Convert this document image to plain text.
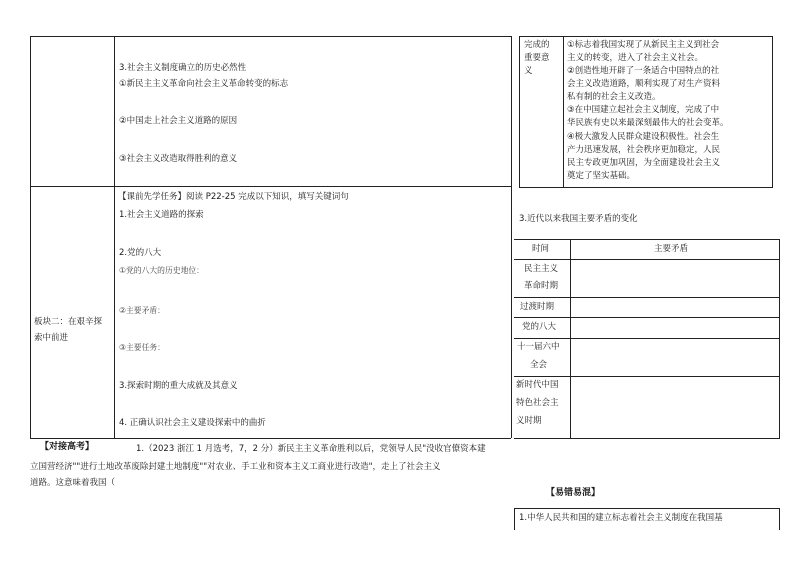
3.社会主义制度确立的历史必然性
①新民主主义革命向社会主义革命转变的标志
②中国走上社会主义道路的原因
③社会主义改造取得胜利的意义
板块二：在艰辛探
索中前进
【课前先学任务】阅读 P22-25 完成以下知识，填写关键词句
1.社会主义道路的探索
2.党的八大
①党的八大的历史地位：
②主要矛盾：
③主要任务：
3.探索时期的重大成就及其意义
4. 正确认识社会主义建设探索中的曲折
【对接高考】	1.（2023 浙江 1 月选考，7，2 分）新民主主义革命胜利以后，党领导人民"没收官僚资本建
立国营经济""进行土地改革废除封建土地制度""对农业、手工业和资本主义工商业进行改造"，走上了社会主义
道路。这意味着我国（
完成的
重要意
义
①标志着我国实现了从新民主主义到社会
主义的转变，进入了社会主义社会。
②创造性地开辟了一条适合中国特点的社
会主义改造道路，顺利实现了对生产资料
私有制的社会主义改造。
③在中国建立起社会主义制度，完成了中
华民族有史以来最深刻最伟大的社会变革。
④极大激发人民群众建设积极性。社会生
产力迅速发展，社会秩序更加稳定，人民
民主专政更加巩固，为全面建设社会主义
奠定了坚实基础。
3.近代以来我国主要矛盾的变化
时间	主要矛盾
民主主义
革命时期
过渡时期
党的八大
十一届六中
全会
新时代中国
特色社会主
义时期
【易错易混】
1.中华人民共和国的建立标志着社会主义制度在我国基
